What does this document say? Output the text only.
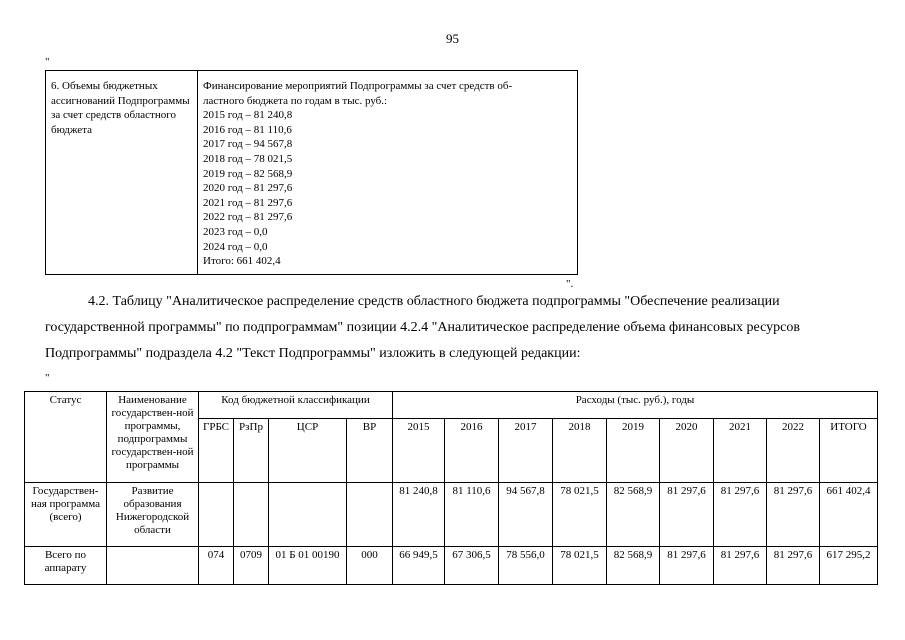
95
"
6. Объемы бюджетных ассигнований Подпрограммы за счет средств областного бюджета
Финансирование мероприятий Подпрограммы за счет средств об-
ластного бюджета по годам в тыс. руб.:
2015 год – 81 240,8
2016 год – 81 110,6
2017 год – 94 567,8
2018 год – 78 021,5
2019 год – 82 568,9
2020 год – 81 297,6
2021 год – 81 297,6
2022 год – 81 297,6
2023 год – 0,0
2024 год – 0,0
Итого: 661 402,4
".
4.2. Таблицу "Аналитическое распределение средств областного бюджета подпрограммы "Обеспечение реализации
государственной программы" по подпрограммам" позиции 4.2.4 "Аналитическое распределение объема финансовых ресурсов
Подпрограммы" подраздела 4.2 "Текст Подпрограммы" изложить в следующей редакции:
"
Статус	Наименование государствен-ной программы, подпрограммы государствен-ной программы	Код бюджетной классификации				Расходы (тыс. руб.), годы								
		ГРБС	РзПр	ЦСР	ВР	2015	2016	2017	2018	2019	2020	2021	2022	ИТОГО
Государствен-ная программа (всего)	Развитие образования Нижегородской области					81 240,8	81 110,6	94 567,8	78 021,5	82 568,9	81 297,6	81 297,6	81 297,6	661 402,4
Всего по аппарату		074	0709	01 Б 01 00190	000	66 949,5	67 306,5	78 556,0	78 021,5	82 568,9	81 297,6	81 297,6	81 297,6	617 295,2
